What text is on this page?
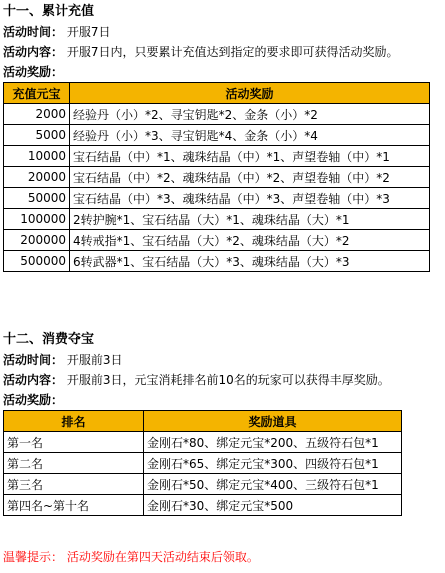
十一、累计充值
活动时间： 开服7日
活动内容： 开服7日内，只要累计充值达到指定的要求即可获得活动奖励。
活动奖励：
充值元宝	活动奖励
2000	经验丹（小）*2、寻宝钥匙*2、金条（小）*2
5000	经验丹（小）*3、寻宝钥匙*4、金条（小）*4
10000	宝石结晶（中）*1、魂珠结晶（中）*1、声望卷轴（中）*1
20000	宝石结晶（中）*2、魂珠结晶（中）*2、声望卷轴（中）*2
50000	宝石结晶（中）*3、魂珠结晶（中）*3、声望卷轴（中）*3
100000	2转护腕*1、宝石结晶（大）*1、魂珠结晶（大）*1
200000	4转戒指*1、宝石结晶（大）*2、魂珠结晶（大）*2
500000	6转武器*1、宝石结晶（大）*3、魂珠结晶（大）*3
十二、消费夺宝
活动时间： 开服前3日
活动内容： 开服前3日，元宝消耗排名前10名的玩家可以获得丰厚奖励。
活动奖励：
排名	奖励道具
第一名	金刚石*80、绑定元宝*200、五级符石包*1
第二名	金刚石*65、绑定元宝*300、四级符石包*1
第三名	金刚石*50、绑定元宝*400、三级符石包*1
第四名~第十名	金刚石*30、绑定元宝*500
温馨提示： 活动奖励在第四天活动结束后领取。
